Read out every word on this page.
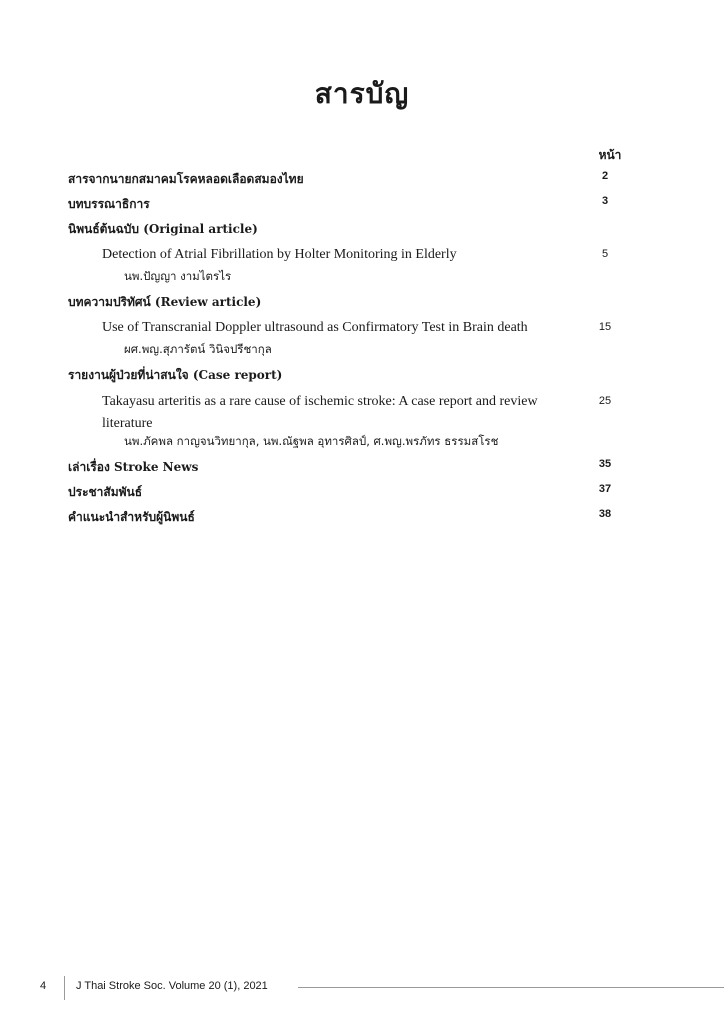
สารบัญ
หน้า
สารจากนายกสมาคมโรคหลอดเลือดสมองไทย	2
บทบรรณาธิการ	3
นิพนธ์ต้นฉบับ (Original article)
Detection of Atrial Fibrillation by Holter Monitoring in Elderly	5
นพ.ปัญญา งามไตรไร
บทความปริทัศน์ (Review article)
Use of Transcranial Doppler ultrasound as Confirmatory Test in Brain death	15
ผศ.พญ.สุภารัตน์ วินิจปรีชากุล
รายงานผู้ป่วยที่น่าสนใจ (Case report)
Takayasu arteritis as a rare cause of ischemic stroke: A case report and review	25
literature
นพ.ภัคพล กาญจนวิทยากุล, นพ.ณัฐพล อุทารศิลป์, ศ.พญ.พรภัทร ธรรมสโรช
เล่าเรื่อง Stroke News	35
ประชาสัมพันธ์	37
คำแนะนำสำหรับผู้นิพนธ์	38
4	J Thai Stroke Soc. Volume 20 (1), 2021
